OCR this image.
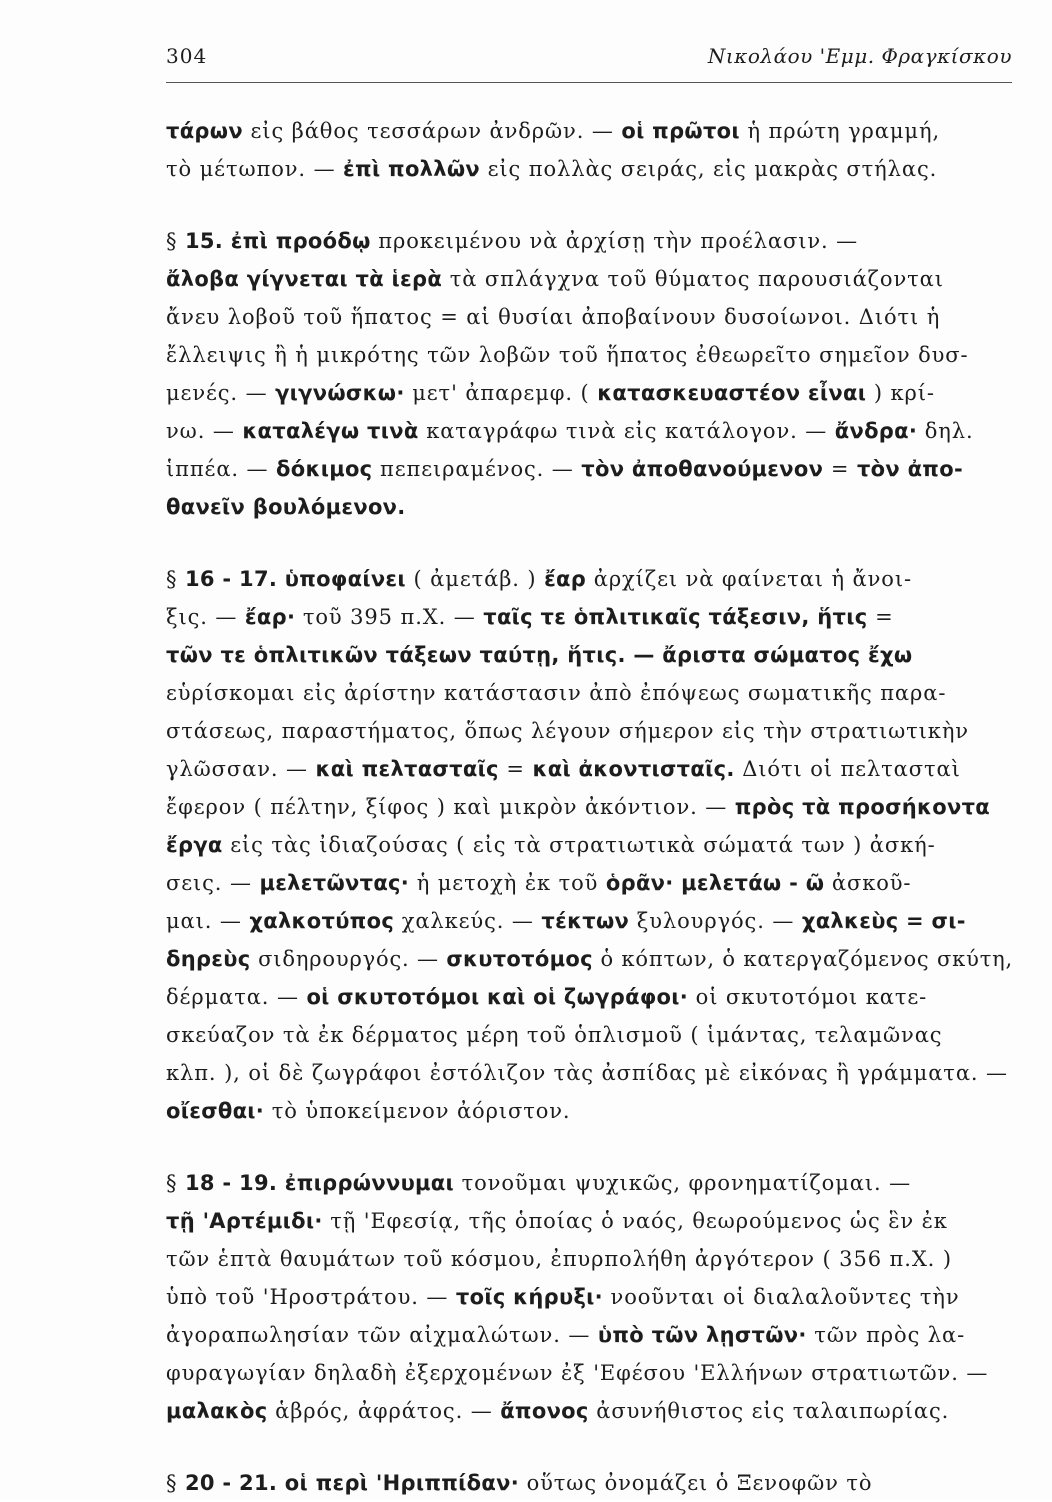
304	Νικολάου 'Εμμ. Φραγκίσκου

τάρων εἰς βάθος τεσσάρων ἀνδρῶν. — οἱ πρῶτοι ἡ πρώτη γραμμή,

τὸ μέτωπον. — ἐπὶ πολλῶν εἰς πολλὰς σειράς, εἰς μακρὰς στήλας.

§ 15. ἐπὶ προόδῳ προκειμένου νὰ ἀρχίσῃ τὴν προέλασιν. —

ἄλοβα γίγνεται τὰ ἱερὰ τὰ σπλάγχνα τοῦ θύματος παρουσιάζονται

ἄνευ λοβοῦ τοῦ ἥπατος = αἱ θυσίαι ἀποβαίνουν δυσοίωνοι. Διότι ἡ

ἔλλειψις ἢ ἡ μικρότης τῶν λοβῶν τοῦ ἥπατος ἐθεωρεῖτο σημεῖον δυσ-

μενές. — γιγνώσκω· μετ' ἀπαρεμφ. ( κατασκευαστέον εἶναι ) κρί-

νω. — καταλέγω τινὰ καταγράφω τινὰ εἰς κατάλογον. — ἄνδρα· δηλ.

ἱππέα. — δόκιμος πεπειραμένος. — τὸν ἀποθανούμενον = τὸν ἀπο-

θανεῖν βουλόμενον.

§ 16 - 17. ὑποφαίνει ( ἀμετάβ. ) ἔαρ ἀρχίζει νὰ φαίνεται ἡ ἄνοι-

ξις. — ἔαρ· τοῦ 395 π.Χ. — ταῖς τε ὁπλιτικαῖς τάξεσιν, ἥτις =

τῶν τε ὁπλιτικῶν τάξεων ταύτῃ, ἥτις. — ἄριστα σώματος ἔχω

εὑρίσκομαι εἰς ἀρίστην κατάστασιν ἀπὸ ἐπόψεως σωματικῆς παρα-

στάσεως, παραστήματος, ὅπως λέγουν σήμερον εἰς τὴν στρατιωτικὴν

γλῶσσαν. — καὶ πελτασταῖς = καὶ ἀκοντισταῖς. Διότι οἱ πελτασταὶ

ἔφερον ( πέλτην, ξίφος ) καὶ μικρὸν ἀκόντιον. — πρὸς τὰ προσήκοντα

ἔργα εἰς τὰς ἰδιαζούσας ( εἰς τὰ στρατιωτικὰ σώματά των ) ἀσκή-

σεις. — μελετῶντας· ἡ μετοχὴ ἐκ τοῦ ὁρᾶν· μελετάω - ῶ ἀσκοῦ-

μαι. — χαλκοτύπος χαλκεύς. — τέκτων ξυλουργός. — χαλκεὺς = σι-

δηρεὺς σιδηρουργός. — σκυτοτόμος ὁ κόπτων, ὁ κατεργαζόμενος σκύτη,

δέρματα. — οἱ σκυτοτόμοι καὶ οἱ ζωγράφοι· οἱ σκυτοτόμοι κατε-

σκεύαζον τὰ ἐκ δέρματος μέρη τοῦ ὁπλισμοῦ ( ἱμάντας, τελαμῶνας

κλπ. ), οἱ δὲ ζωγράφοι ἐστόλιζον τὰς ἀσπίδας μὲ εἰκόνας ἢ γράμματα. —

οἴεσθαι· τὸ ὑποκείμενον ἀόριστον.

§ 18 - 19. ἐπιρρώννυμαι τονοῦμαι ψυχικῶς, φρονηματίζομαι. —

τῇ 'Αρτέμιδι· τῇ 'Εφεσίᾳ, τῆς ὁποίας ὁ ναός, θεωρούμενος ὡς ἓν ἐκ

τῶν ἑπτὰ θαυμάτων τοῦ κόσμου, ἐπυρπολήθη ἀργότερον ( 356 π.Χ. )

ὑπὸ τοῦ 'Ηροστράτου. — τοῖς κήρυξι· νοοῦνται οἱ διαλαλοῦντες τὴν

ἀγοραπωλησίαν τῶν αἰχμαλώτων. — ὑπὸ τῶν λῃστῶν· τῶν πρὸς λα-

φυραγωγίαν δηλαδὴ ἐξερχομένων ἐξ 'Εφέσου 'Ελλήνων στρατιωτῶν. —

μαλακὸς ἁβρός, ἀφράτος. — ἄπονος ἀσυνήθιστος εἰς ταλαιπωρίας.

§ 20 - 21. οἱ περὶ 'Ηριππίδαν· οὕτως ὀνομάζει ὁ Ξενοφῶν τὸ
